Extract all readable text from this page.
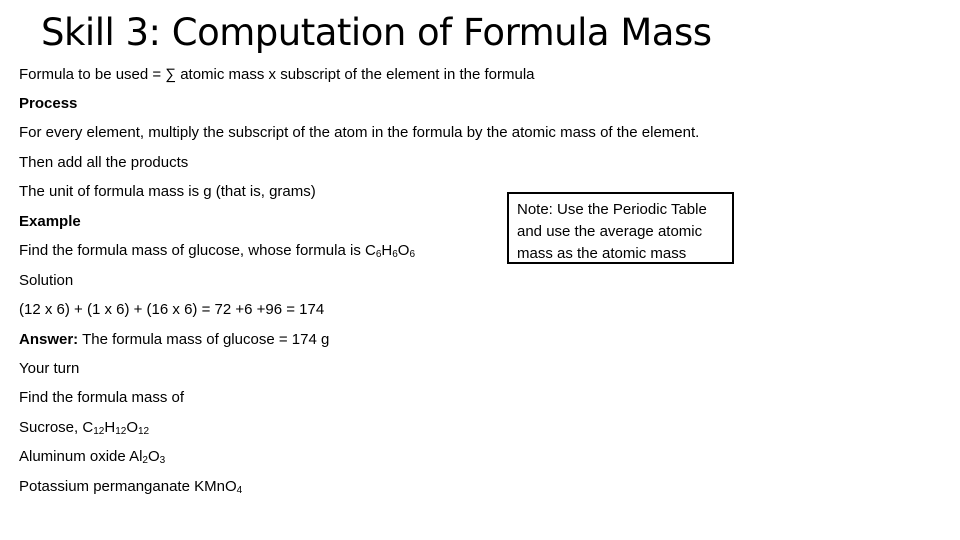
Skill 3: Computation of Formula Mass
Formula to be used = ∑ atomic mass x subscript of the element in the formula
Process
For every element, multiply the subscript of the atom in the formula by the atomic mass of the element.
Then add all the products
The unit of formula mass is g (that is, grams)
Example
Find the formula mass of glucose, whose formula is $C_6H_6O_6$
Solution
(12 x 6) + (1 x 6) + (16 x 6) = 72 +6 +96 = 174
Answer: The formula mass of glucose = 174 g
Your turn
Find the formula mass of
Sucrose, $C_{12}H_{12}O_{12}$
Aluminum oxide $Al_2O_3$
Potassium permanganate KMnO$_4$
Note: Use the Periodic Table and use the average atomic mass as the atomic mass
